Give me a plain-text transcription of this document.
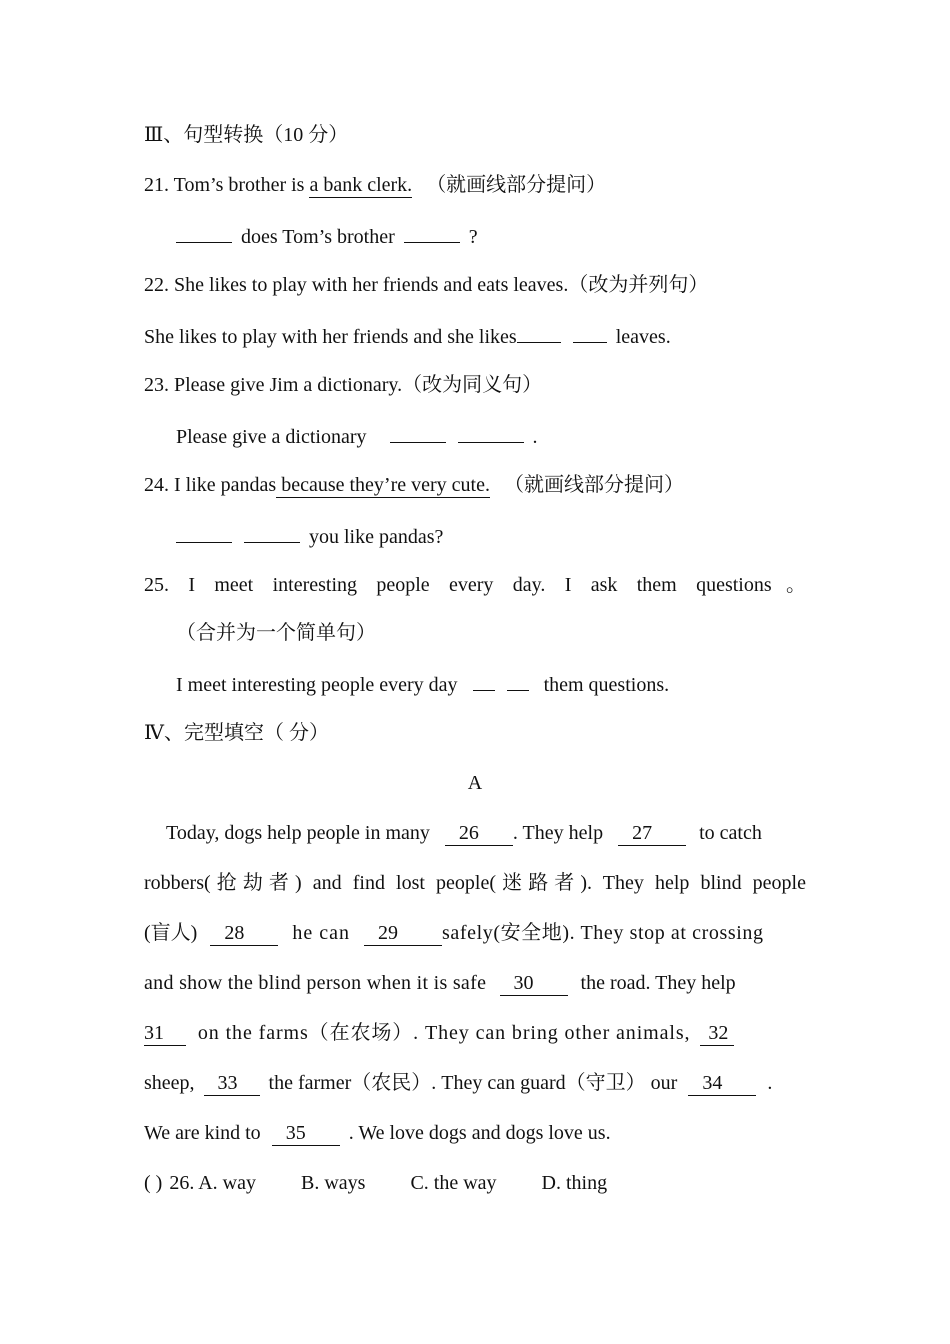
Ⅲ、句型转换（10 分）
21. Tom’s brother is a bank clerk. （就画线部分提问）
does Tom’s brother	?
22. She likes to play with her friends and eats leaves.（改为并列句）
She likes to play with her friends and she likes	leaves.
23. Please give Jim a dictionary.（改为同义句）
Please give a dictionary	.
24. I like pandas because they’re very cute. （就画线部分提问）
you like pandas?
25. I meet interesting people every day. I ask them questions。
（合并为一个简单句）
I meet interesting people every day	them questions.
Ⅳ、完型填空（ 分）
A
Today, dogs help people in many 26 . They help 27 to catch
robbers(抢劫者) and find lost people(迷路者). They help blind people
(盲人) 28 he can 29 safely(安全地). They stop at crossing
and show the blind person when it is safe 30 the road. They help
31 on the farms（在农场）. They can bring other animals, 32
sheep, 33 the farmer（农民）. They can guard（守卫） our 34 .
We are kind to 35 . We love dogs and dogs love us.
( ) 26. A. way B. ways C. the way D. thing
